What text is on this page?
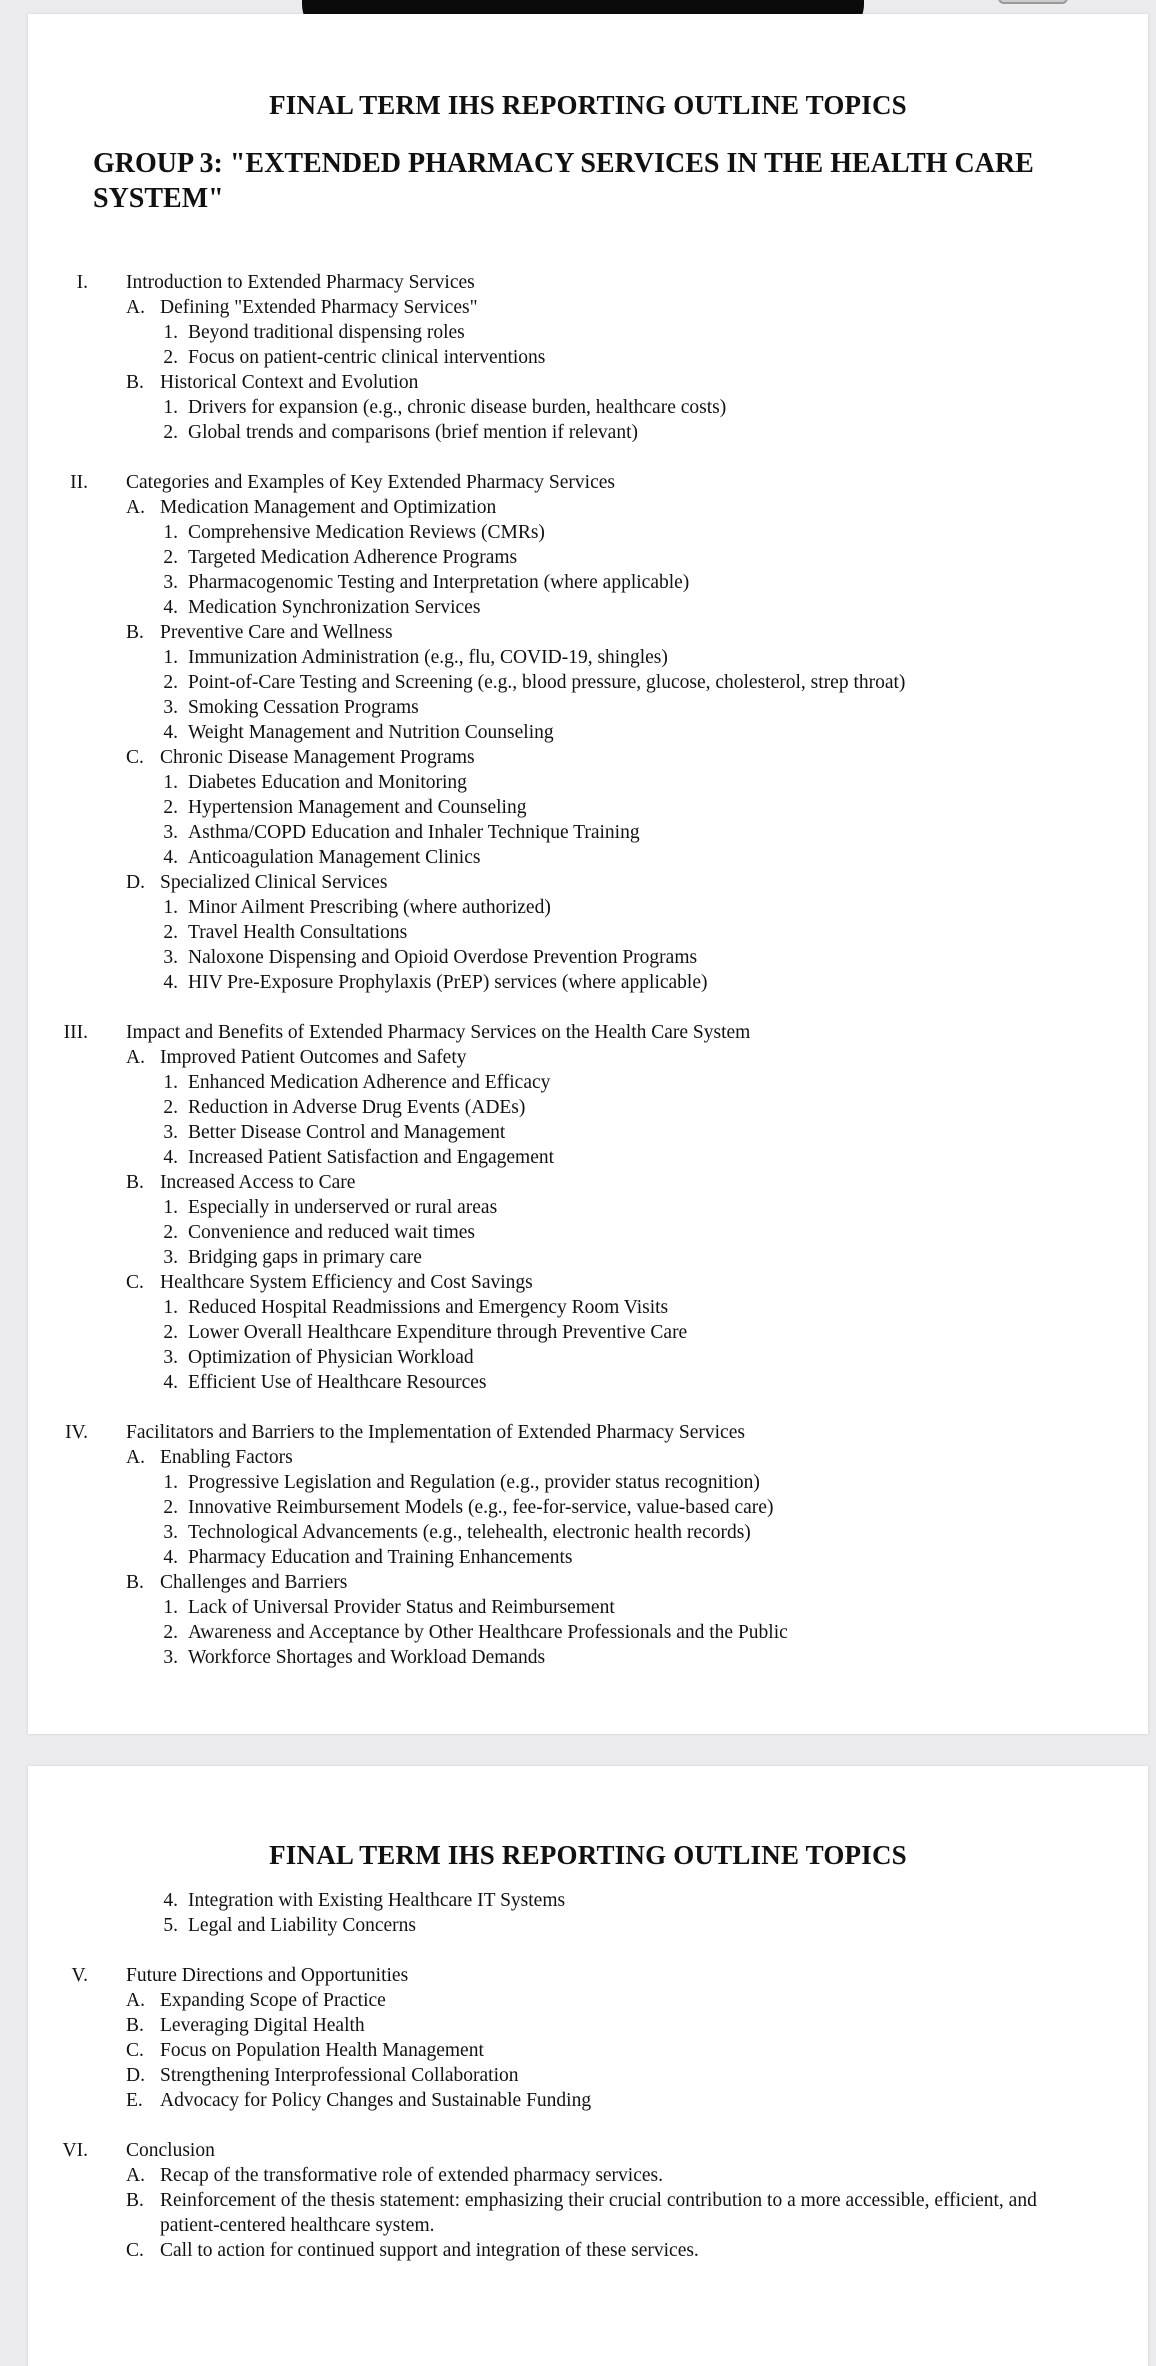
FINAL TERM IHS REPORTING OUTLINE TOPICS
GROUP 3: "EXTENDED PHARMACY SERVICES IN THE HEALTH CARE SYSTEM"
I. Introduction to Extended Pharmacy Services
A. Defining "Extended Pharmacy Services"
1. Beyond traditional dispensing roles
2. Focus on patient-centric clinical interventions
B. Historical Context and Evolution
1. Drivers for expansion (e.g., chronic disease burden, healthcare costs)
2. Global trends and comparisons (brief mention if relevant)
II. Categories and Examples of Key Extended Pharmacy Services
A. Medication Management and Optimization
1. Comprehensive Medication Reviews (CMRs)
2. Targeted Medication Adherence Programs
3. Pharmacogenomic Testing and Interpretation (where applicable)
4. Medication Synchronization Services
B. Preventive Care and Wellness
1. Immunization Administration (e.g., flu, COVID-19, shingles)
2. Point-of-Care Testing and Screening (e.g., blood pressure, glucose, cholesterol, strep throat)
3. Smoking Cessation Programs
4. Weight Management and Nutrition Counseling
C. Chronic Disease Management Programs
1. Diabetes Education and Monitoring
2. Hypertension Management and Counseling
3. Asthma/COPD Education and Inhaler Technique Training
4. Anticoagulation Management Clinics
D. Specialized Clinical Services
1. Minor Ailment Prescribing (where authorized)
2. Travel Health Consultations
3. Naloxone Dispensing and Opioid Overdose Prevention Programs
4. HIV Pre-Exposure Prophylaxis (PrEP) services (where applicable)
III. Impact and Benefits of Extended Pharmacy Services on the Health Care System
A. Improved Patient Outcomes and Safety
1. Enhanced Medication Adherence and Efficacy
2. Reduction in Adverse Drug Events (ADEs)
3. Better Disease Control and Management
4. Increased Patient Satisfaction and Engagement
B. Increased Access to Care
1. Especially in underserved or rural areas
2. Convenience and reduced wait times
3. Bridging gaps in primary care
C. Healthcare System Efficiency and Cost Savings
1. Reduced Hospital Readmissions and Emergency Room Visits
2. Lower Overall Healthcare Expenditure through Preventive Care
3. Optimization of Physician Workload
4. Efficient Use of Healthcare Resources
IV. Facilitators and Barriers to the Implementation of Extended Pharmacy Services
A. Enabling Factors
1. Progressive Legislation and Regulation (e.g., provider status recognition)
2. Innovative Reimbursement Models (e.g., fee-for-service, value-based care)
3. Technological Advancements (e.g., telehealth, electronic health records)
4. Pharmacy Education and Training Enhancements
B. Challenges and Barriers
1. Lack of Universal Provider Status and Reimbursement
2. Awareness and Acceptance by Other Healthcare Professionals and the Public
3. Workforce Shortages and Workload Demands
FINAL TERM IHS REPORTING OUTLINE TOPICS
4. Integration with Existing Healthcare IT Systems
5. Legal and Liability Concerns
V. Future Directions and Opportunities
A. Expanding Scope of Practice
B. Leveraging Digital Health
C. Focus on Population Health Management
D. Strengthening Interprofessional Collaboration
E. Advocacy for Policy Changes and Sustainable Funding
VI. Conclusion
A. Recap of the transformative role of extended pharmacy services.
B. Reinforcement of the thesis statement: emphasizing their crucial contribution to a more accessible, efficient, and patient-centered healthcare system.
C. Call to action for continued support and integration of these services.
